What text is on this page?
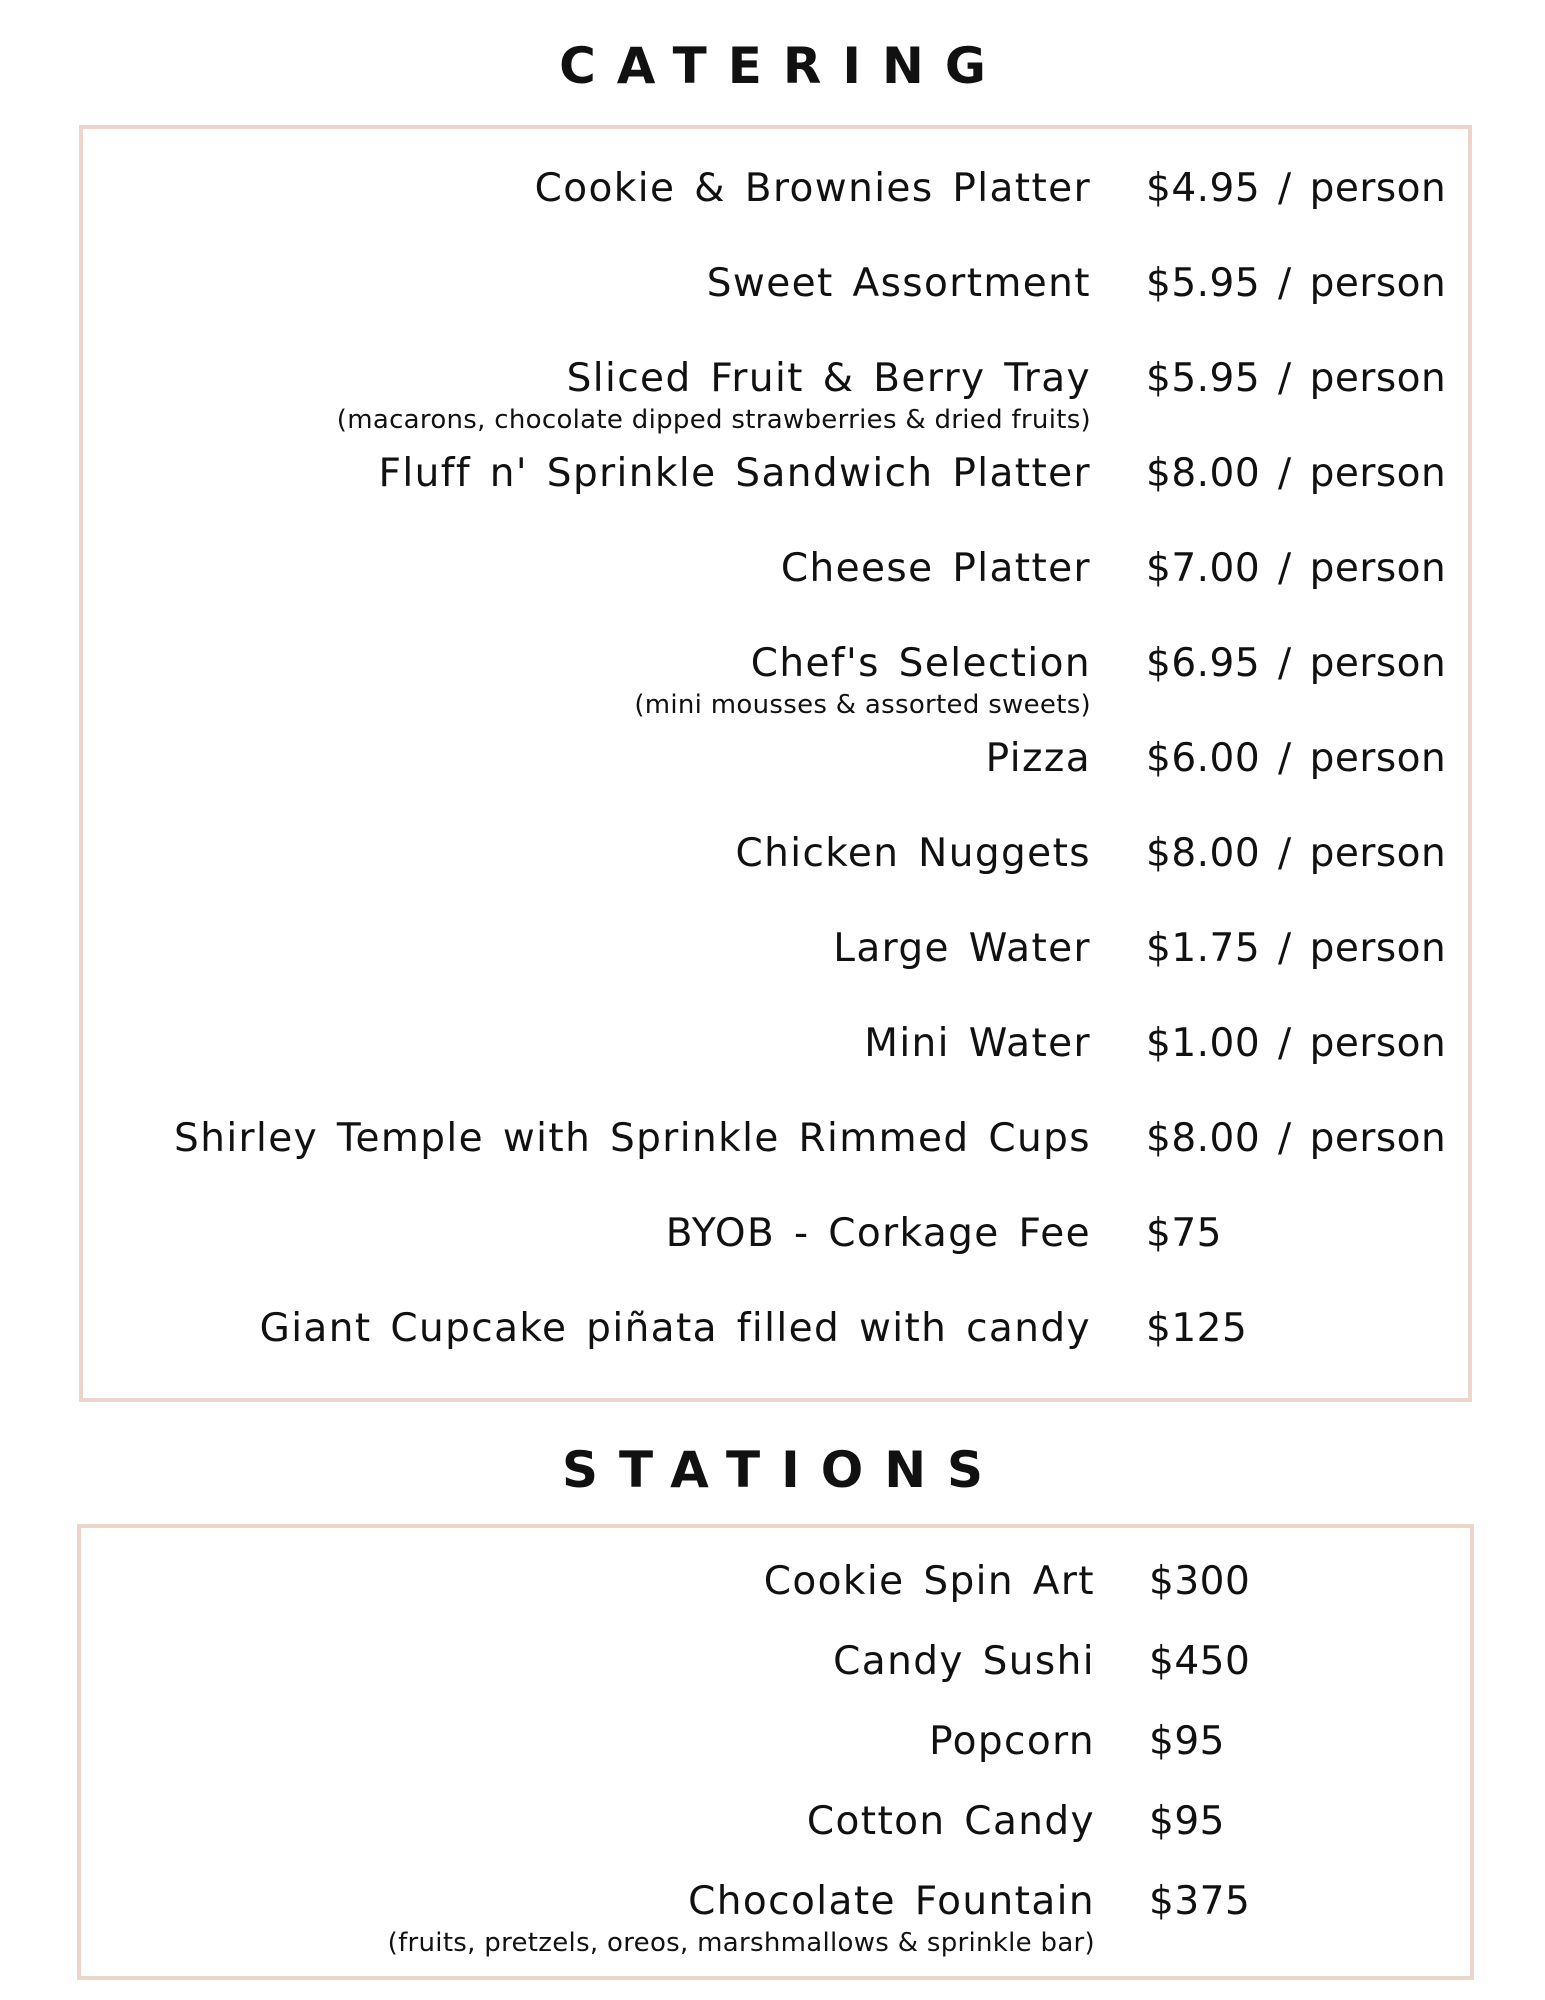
CATERING
Cookie & Brownies Platter $4.95 / person
Sweet Assortment $5.95 / person
Sliced Fruit & Berry Tray $5.95 / person
(macarons, chocolate dipped strawberries & dried fruits)
Fluff n' Sprinkle Sandwich Platter $8.00 / person
Cheese Platter $7.00 / person
Chef's Selection $6.95 / person
(mini mousses & assorted sweets)
Pizza $6.00 / person
Chicken Nuggets $8.00 / person
Large Water $1.75 / person
Mini Water $1.00 / person
Shirley Temple with Sprinkle Rimmed Cups $8.00 / person
BYOB - Corkage Fee $75
Giant Cupcake piñata filled with candy $125
STATIONS
Cookie Spin Art $300
Candy Sushi $450
Popcorn $95
Cotton Candy $95
Chocolate Fountain $375
(fruits, pretzels, oreos, marshmallows & sprinkle bar)
